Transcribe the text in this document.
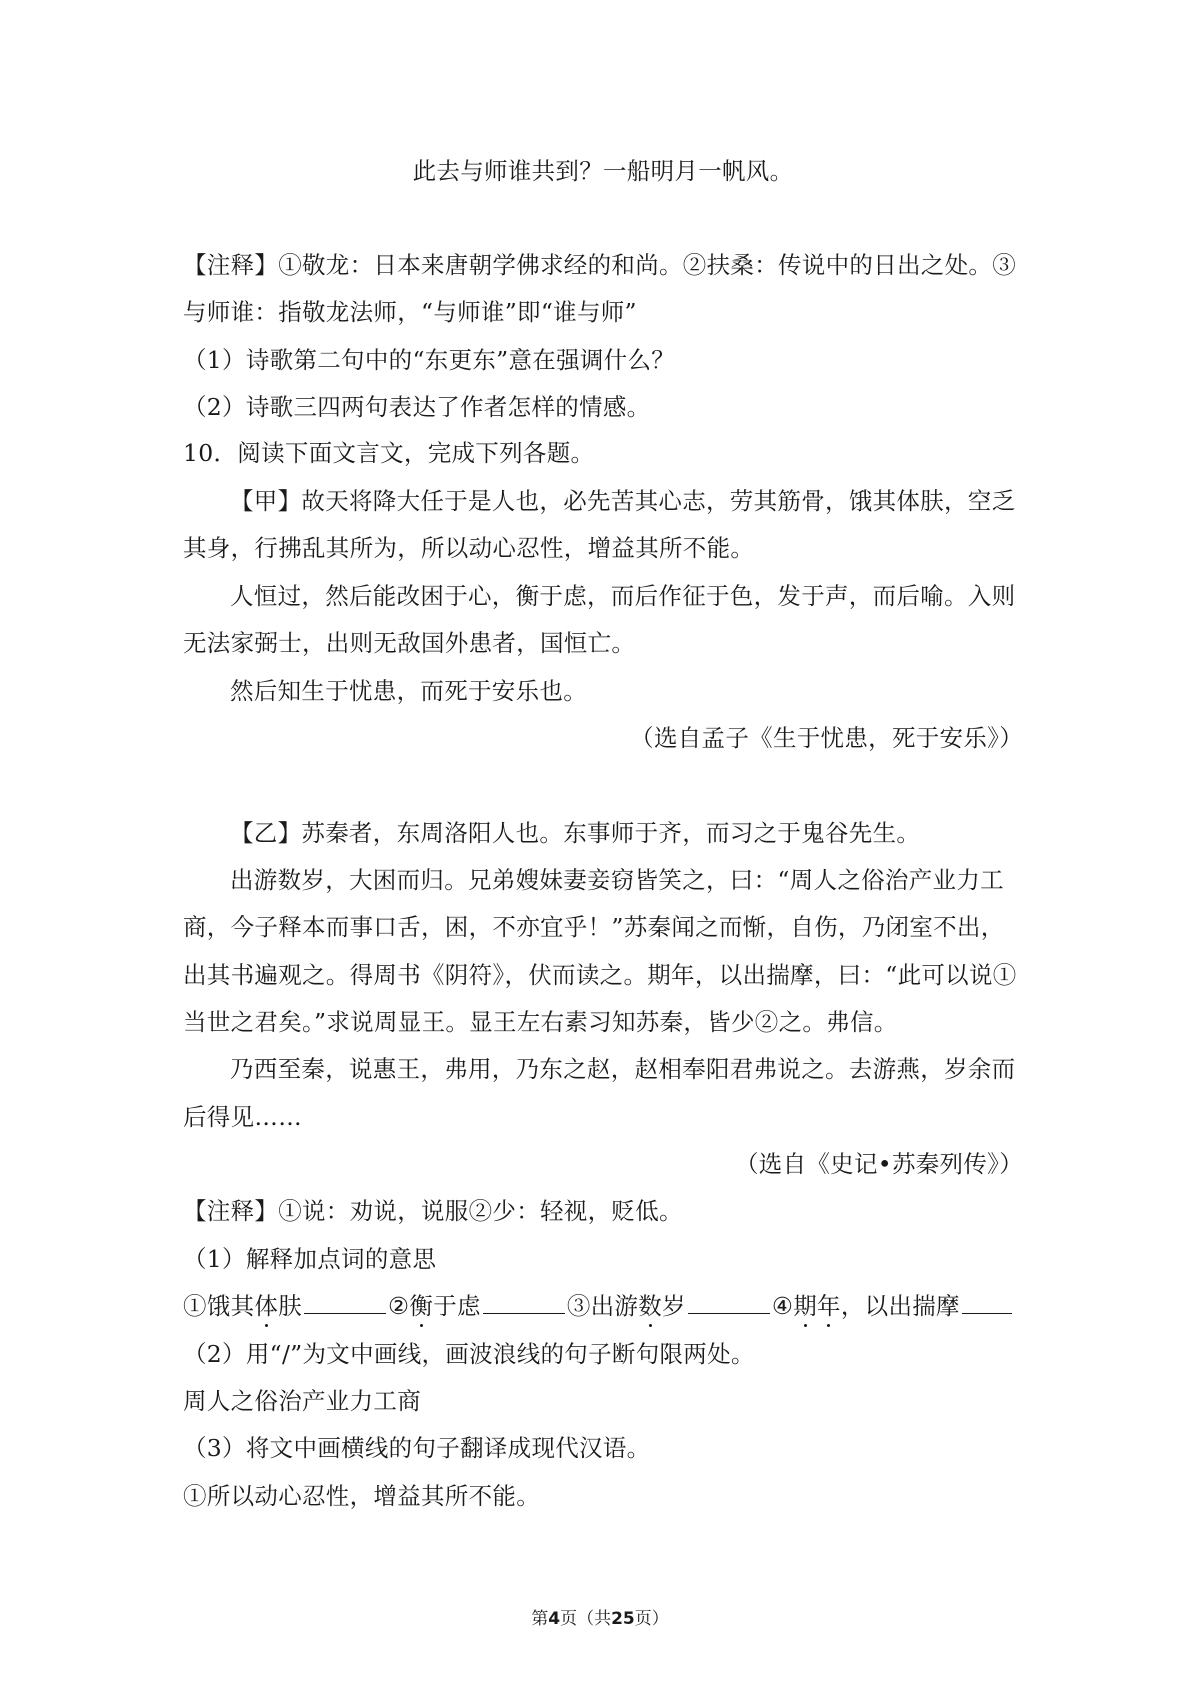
此去与师谁共到？一船明月一帆风。
【注释】①敬龙：日本来唐朝学佛求经的和尚。②扶桑：传说中的日出之处。③
与师谁：指敬龙法师，“与师谁”即“谁与师”
（1）诗歌第二句中的“东更东”意在强调什么？
（2）诗歌三四两句表达了作者怎样的情感。
10．阅读下面文言文，完成下列各题。
【甲】故天将降大任于是人也，必先苦其心志，劳其筋骨，饿其体肤，空乏
其身，行拂乱其所为，所以动心忍性，增益其所不能。
人恒过，然后能改困于心，衡于虑，而后作征于色，发于声，而后喻。入则
无法家弼士，出则无敌国外患者，国恒亡。
然后知生于忧患，而死于安乐也。
（选自孟子《生于忧患，死于安乐》）
【乙】苏秦者，东周洛阳人也。东事师于齐，而习之于鬼谷先生。
出游数岁，大困而归。兄弟嫂妹妻妾窃皆笑之，曰：“周人之俗治产业力工
商，今子释本而事口舌，困，不亦宜乎！”苏秦闻之而惭，自伤，乃闭室不出，
出其书遍观之。得周书《阴符》，伏而读之。期年，以出揣摩，曰：“此可以说①
当世之君矣。”求说周显王。显王左右素习知苏秦，皆少②之。弗信。
乃西至秦，说惠王，弗用，乃东之赵，赵相奉阳君弗说之。去游燕，岁余而
后得见……
（选自《史记•苏秦列传》）
【注释】①说：劝说，说服②少：轻视，贬低。
（1）解释加点词的意思
①饿其体肤	②衡于虑	③出游数岁	④期年，以出揣摩
（2）用“/”为文中画线，画波浪线的句子断句限两处。
周人之俗治产业力工商
（3）将文中画横线的句子翻译成现代汉语。
①所以动心忍性，增益其所不能。
第4页（共25页）
